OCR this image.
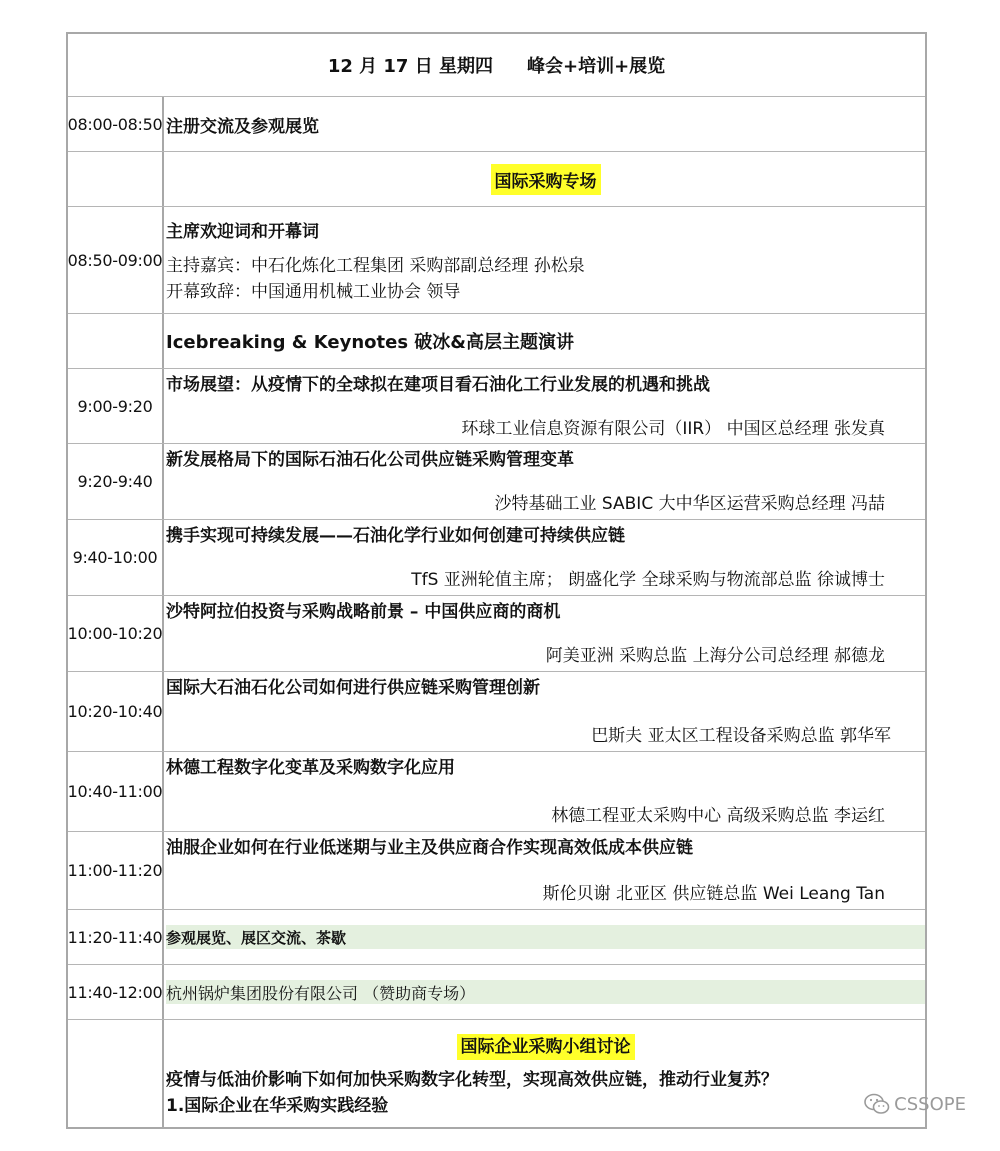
12 月 17 日 星期四 峰会+培训+展览
08:00-08:50 注册交流及参观展览
国际采购专场
08:50-09:00
主席欢迎词和开幕词
主持嘉宾：中石化炼化工程集团 采购部副总经理 孙松泉
开幕致辞：中国通用机械工业协会 领导
Icebreaking & Keynotes 破冰&高层主题演讲
9:00-9:20
市场展望：从疫情下的全球拟在建项目看石油化工行业发展的机遇和挑战
环球工业信息资源有限公司（IIR） 中国区总经理 张发真
9:20-9:40
新发展格局下的国际石油石化公司供应链采购管理变革
沙特基础工业 SABIC 大中华区运营采购总经理 冯喆
9:40-10:00
携手实现可持续发展——石油化学行业如何创建可持续供应链
TfS 亚洲轮值主席； 朗盛化学 全球采购与物流部总监 徐诚博士
10:00-10:20
沙特阿拉伯投资与采购战略前景 – 中国供应商的商机
阿美亚洲 采购总监 上海分公司总经理 郝德龙
10:20-10:40
国际大石油石化公司如何进行供应链采购管理创新
巴斯夫 亚太区工程设备采购总监 郭华军
10:40-11:00
林德工程数字化变革及采购数字化应用
林德工程亚太采购中心 高级采购总监 李运红
11:00-11:20
油服企业如何在行业低迷期与业主及供应商合作实现高效低成本供应链
斯伦贝谢 北亚区 供应链总监 Wei Leang Tan
11:20-11:40 参观展览、展区交流、茶歇
11:40-12:00 杭州锅炉集团股份有限公司 （赞助商专场）
国际企业采购小组讨论
疫情与低油价影响下如何加快采购数字化转型，实现高效供应链，推动行业复苏？
1.国际企业在华采购实践经验	CSSOPE
